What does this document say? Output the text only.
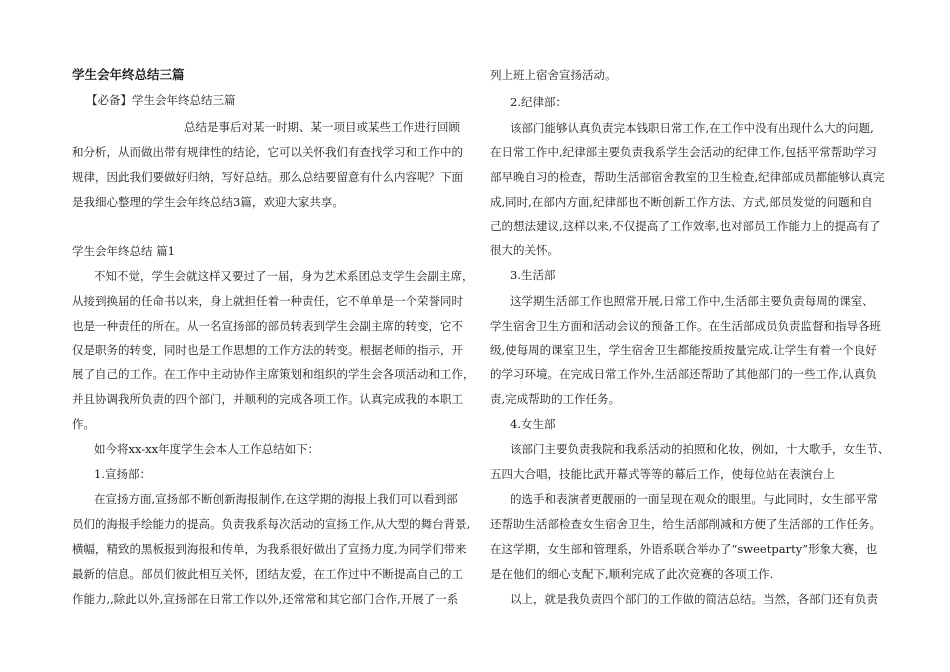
学生会年终总结三篇
【必备】学生会年终总结三篇
总结是事后对某一时期、某一项目或某些工作进行回顾
和分析，从而做出带有规律性的结论，它可以关怀我们有查找学习和工作中的
规律，因此我们要做好归纳，写好总结。那么总结要留意有什么内容呢？下面
是我细心整理的学生会年终总结3篇，欢迎大家共享。
学生会年终总结 篇1
不知不觉，学生会就这样又要过了一届，身为艺术系团总支学生会副主席，
从接到换届的任命书以来，身上就担任着一种责任，它不单单是一个荣誉同时
也是一种责任的所在。从一名宣扬部的部员转表到学生会副主席的转变，它不
仅是职务的转变，同时也是工作思想的工作方法的转变。根据老师的指示，开
展了自己的工作。在工作中主动协作主席策划和组织的学生会各项活动和工作，
并且协调我所负责的四个部门，并顺利的完成各项工作。认真完成我的本职工
作。
如今将xx-xx年度学生会本人工作总结如下：
1.宣扬部：
在宣扬方面,宣扬部不断创新海报制作,在这学期的海报上我们可以看到部
员们的海报手绘能力的提高。负责我系每次活动的宣扬工作,从大型的舞台背景,
横幅，精致的黑板报到海报和传单，为我系很好做出了宣扬力度,为同学们带来
最新的信息。部员们彼此相互关怀，团结友爱，在工作过中不断提高自己的工
作能力,,除此以外,宣扬部在日常工作以外,还常常和其它部门合作,开展了一系
列上班上宿舍宣扬活动。
2.纪律部：
该部门能够认真负责完本钱职日常工作,在工作中没有出现什么大的问题,
在日常工作中,纪律部主要负责我系学生会活动的纪律工作,包括平常帮助学习
部早晚自习的检查，帮助生活部宿舍教室的卫生检查,纪律部成员都能够认真完
成,同时,在部内方面,纪律部也不断创新工作方法、方式,部员发觉的问题和自
己的想法建议,这样以来,不仅提高了工作效率,也对部员工作能力上的提高有了
很大的关怀。
3.生活部
这学期生活部工作也照常开展,日常工作中,生活部主要负责每周的课室、
学生宿舍卫生方面和活动会议的预备工作。在生活部成员负责监督和指导各班
级,使每周的课室卫生，学生宿舍卫生都能按质按量完成.让学生有着一个良好
的学习环境。在完成日常工作外,生活部还帮助了其他部门的一些工作,认真负
责,完成帮助的工作任务。
4.女生部
该部门主要负责我院和我系活动的拍照和化妆，例如，十大歌手，女生节、
五四大合唱，技能比武开幕式等等的幕后工作，使每位站在表演台上
的选手和表演者更靓丽的一面呈现在观众的眼里。与此同时，女生部平常
还帮助生活部检查女生宿舍卫生，给生活部削减和方便了生活部的工作任务。
在这学期，女生部和管理系，外语系联合举办了“sweetparty”形象大赛，也
是在他们的细心支配下,顺利完成了此次竞赛的各项工作.
以上，就是我负责四个部门的工作做的简洁总结。当然，各部门还有负责
